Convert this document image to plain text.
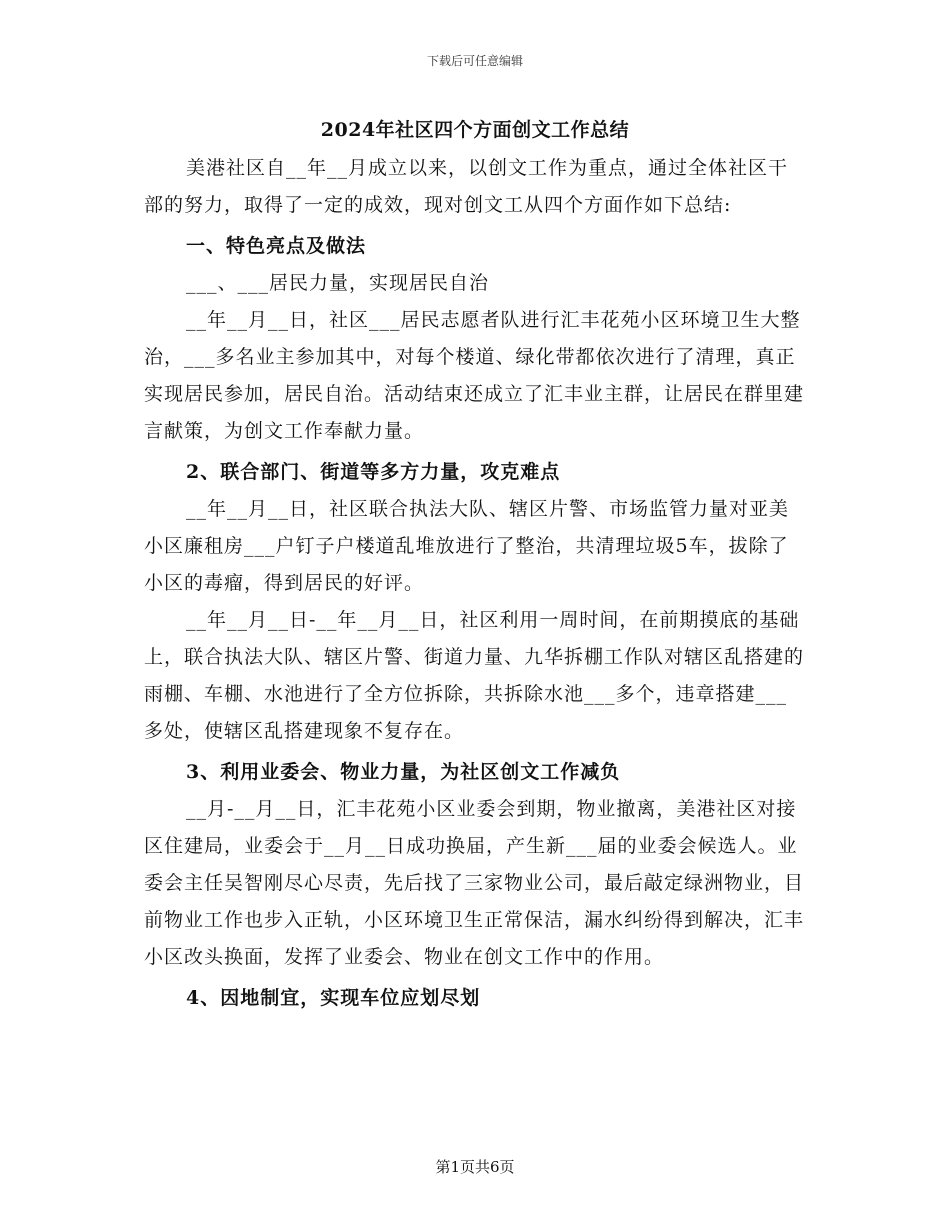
下载后可任意编辑
2024年社区四个方面创文工作总结

美港社区自__年__月成立以来，以创文工作为重点，通过全体社区干部的努力，取得了一定的成效，现对创文工从四个方面作如下总结:

一、特色亮点及做法

___、___居民力量，实现居民自治

__年__月__日，社区___居民志愿者队进行汇丰花苑小区环境卫生大整治，___多名业主参加其中，对每个楼道、绿化带都依次进行了清理，真正实现居民参加，居民自治。活动结束还成立了汇丰业主群，让居民在群里建言献策，为创文工作奉献力量。

2、联合部门、街道等多方力量，攻克难点

__年__月__日，社区联合执法大队、辖区片警、市场监管力量对亚美小区廉租房___户钉子户楼道乱堆放进行了整治，共清理垃圾5车，拔除了小区的毒瘤，得到居民的好评。

__年__月__日-__年__月__日，社区利用一周时间，在前期摸底的基础上，联合执法大队、辖区片警、街道力量、九华拆棚工作队对辖区乱搭建的雨棚、车棚、水池进行了全方位拆除，共拆除水池___多个，违章搭建___多处，使辖区乱搭建现象不复存在。

3、利用业委会、物业力量，为社区创文工作减负

__月-__月__日，汇丰花苑小区业委会到期，物业撤离，美港社区对接区住建局，业委会于__月__日成功换届，产生新___届的业委会候选人。业委会主任吴智刚尽心尽责，先后找了三家物业公司，最后敲定绿洲物业，目前物业工作也步入正轨，小区环境卫生正常保洁，漏水纠纷得到解决，汇丰小区改头换面，发挥了业委会、物业在创文工作中的作用。

4、因地制宜，实现车位应划尽划

第1页共6页
